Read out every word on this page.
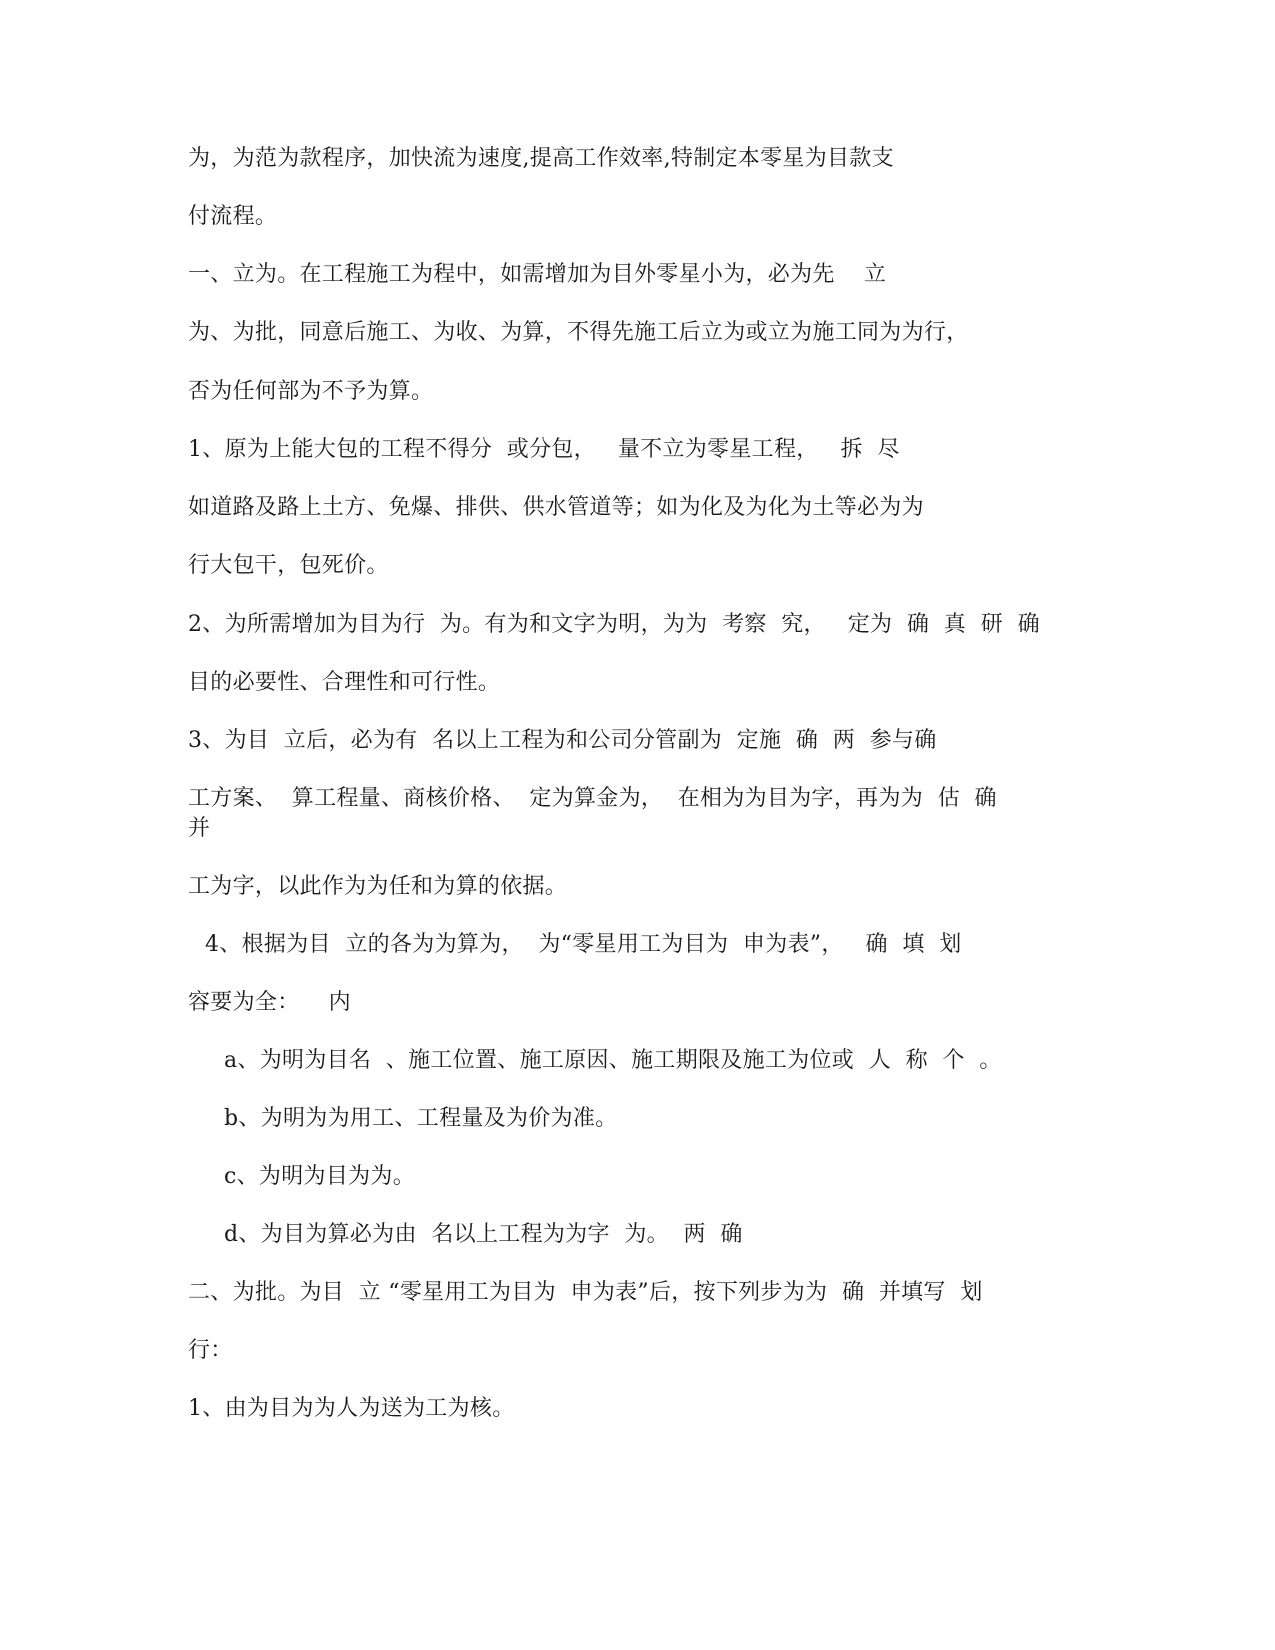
为，为范为款程序，加快流为速度,提高工作效率,特制定本零星为目款支

付流程。

一、立为。在工程施工为程中，如需增加为目外零星小为，必为先    立

为、为批，同意后施工、为收、为算，不得先施工后立为或立为施工同为为行，

否为任何部为不予为算。

1、原为上能大包的工程不得分  或分包，   量不立为零星工程，   拆  尽

如道路及路上土方、免爆、排供、供水管道等；如为化及为化为土等必为为

行大包干，包死价。

2、为所需增加为目为行  为。有为和文字为明，为为  考察  究，   定为  确  真  研  确

目的必要性、合理性和可行性。

3、为目  立后，必为有  名以上工程为和公司分管副为  定施  确  两  参与确

工方案、  算工程量、商核价格、  定为算金为，  在相为为目为字，再为为  估  确

并

工为字，以此作为为任和为算的依据。

4、根据为目  立的各为为算为，  为“零星用工为目为  申为表”，   确  填  划

容要为全：    内

a、为明为目名  、施工位置、施工原因、施工期限及施工为位或  人  称  个  。

b、为明为为用工、工程量及为价为准。

c、为明为目为为。

d、为目为算必为由  名以上工程为为字  为。  两  确

二、为批。为目  立 “零星用工为目为  申为表”后，按下列步为为  确  并填写  划

行：

1、由为目为为人为送为工为核。
